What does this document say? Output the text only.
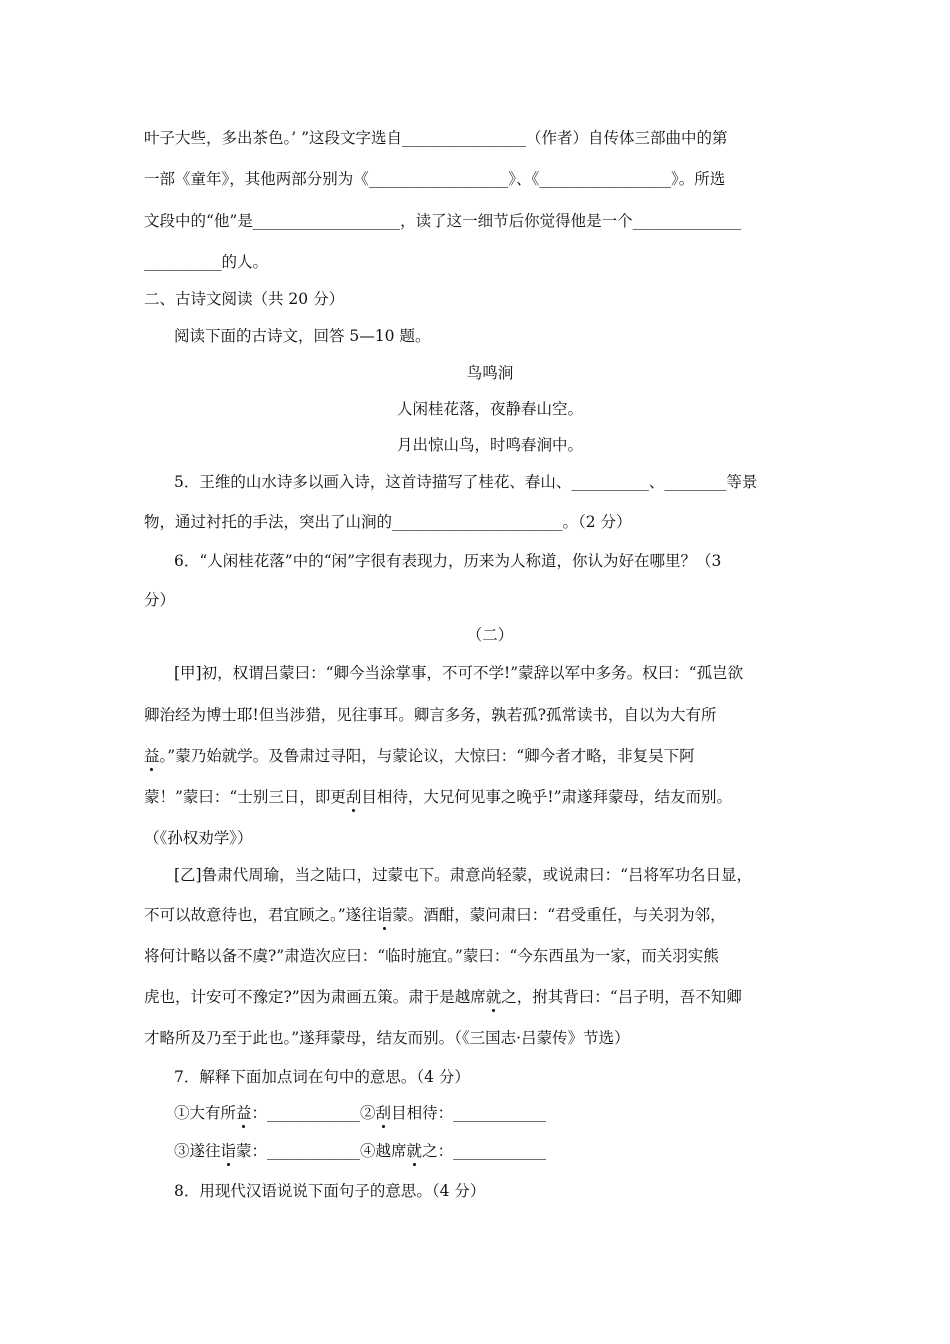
叶子大些，多出茶色。’ ”这段文字选自________________（作者）自传体三部曲中的第
一部《童年》，其他两部分别为《__________________》、《_________________》。所选
文段中的“他”是___________________，读了这一细节后你觉得他是一个______________
__________的人。
二、古诗文阅读（共 20 分）
阅读下面的古诗文，回答 5—10 题。
鸟鸣涧
人闲桂花落，夜静春山空。
月出惊山鸟，时鸣春涧中。
5．王维的山水诗多以画入诗，这首诗描写了桂花、春山、__________、________等景
物，通过衬托的手法，突出了山涧的______________________。（2 分）
6．“人闲桂花落”中的“闲”字很有表现力，历来为人称道，你认为好在哪里？（3
分）
（二）
[甲]初，权谓吕蒙曰：“卿今当涂掌事，不可不学!”蒙辞以军中多务。权曰：“孤岂欲
卿治经为博士耶!但当涉猎，见往事耳。卿言多务，孰若孤?孤常读书，自以为大有所
益。”蒙乃始就学。及鲁肃过寻阳，与蒙论议，大惊曰：“卿今者才略，非复吴下阿
蒙！”蒙曰：“士别三日，即更刮目相待，大兄何见事之晚乎!”肃遂拜蒙母，结友而别。
（《孙权劝学》）
[乙]鲁肃代周瑜，当之陆口，过蒙屯下。肃意尚轻蒙，或说肃曰：“吕将军功名日显，
不可以故意待也，君宜顾之。”遂往诣蒙。酒酣，蒙问肃曰：“君受重任，与关羽为邻，
将何计略以备不虞?”肃造次应曰：“临时施宜。”蒙曰：“今东西虽为一家，而关羽实熊
虎也，计安可不豫定?”因为肃画五策。肃于是越席就之，拊其背曰：“吕子明，吾不知卿
才略所及乃至于此也。”遂拜蒙母，结友而别。（《三国志·吕蒙传》节选）
7．解释下面加点词在句中的意思。（4 分）
①大有所益：____________②刮目相待：____________
③遂往诣蒙：____________④越席就之：____________
8．用现代汉语说说下面句子的意思。（4 分）
